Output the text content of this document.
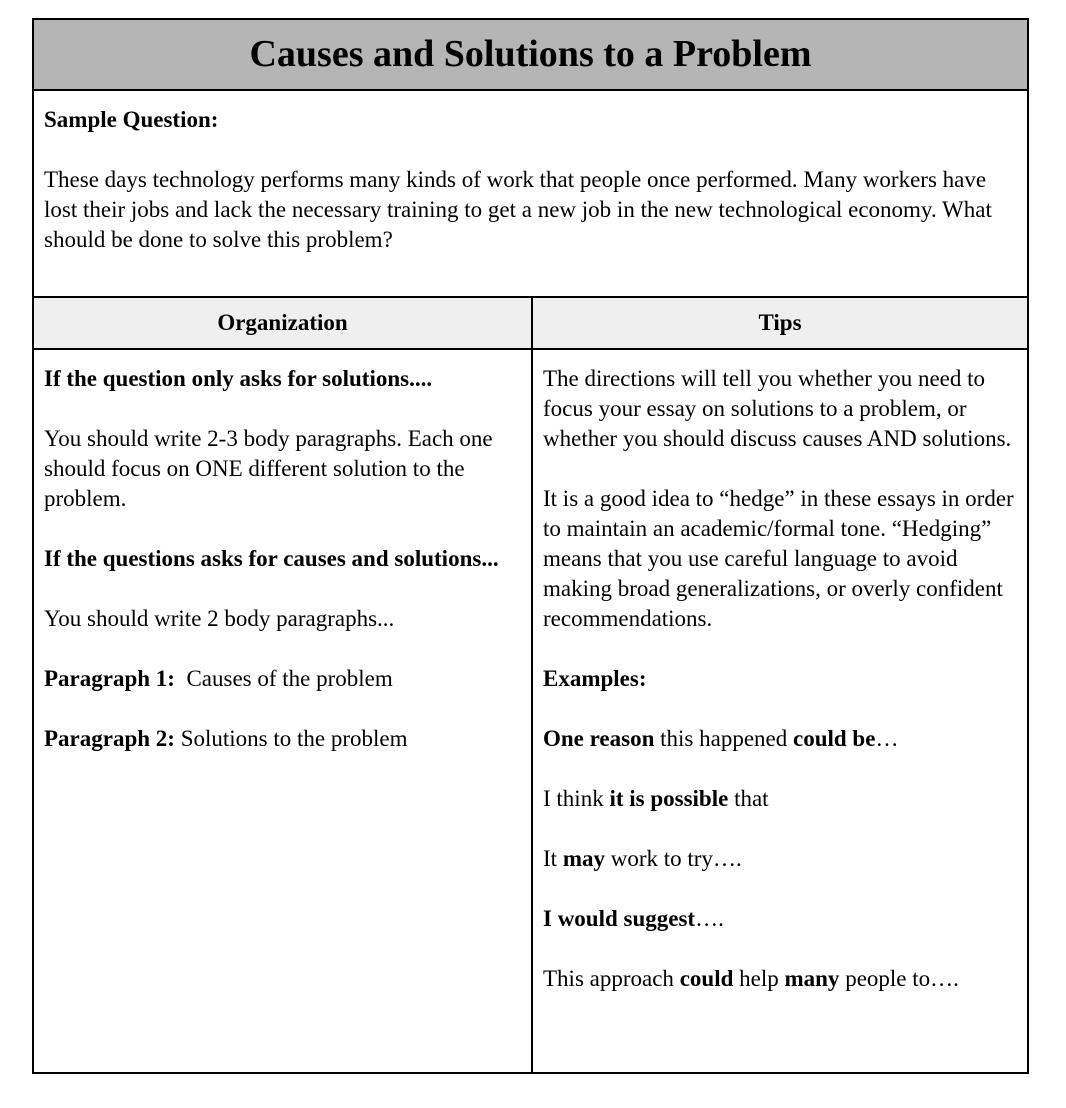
Causes and Solutions to a Problem

Sample Question:

These days technology performs many kinds of work that people once performed. Many workers have lost their jobs and lack the necessary training to get a new job in the new technological economy. What should be done to solve this problem?

Organization	Tips

If the question only asks for solutions....

You should write 2-3 body paragraphs. Each one should focus on ONE different solution to the problem.

If the questions asks for causes and solutions...

You should write 2 body paragraphs...

Paragraph 1:  Causes of the problem

Paragraph 2: Solutions to the problem

The directions will tell you whether you need to focus your essay on solutions to a problem, or whether you should discuss causes AND solutions.

It is a good idea to “hedge” in these essays in order to maintain an academic/formal tone. “Hedging” means that you use careful language to avoid making broad generalizations, or overly confident recommendations.

Examples:

One reason this happened could be…

I think it is possible that

It may work to try….

I would suggest….

This approach could help many people to….
